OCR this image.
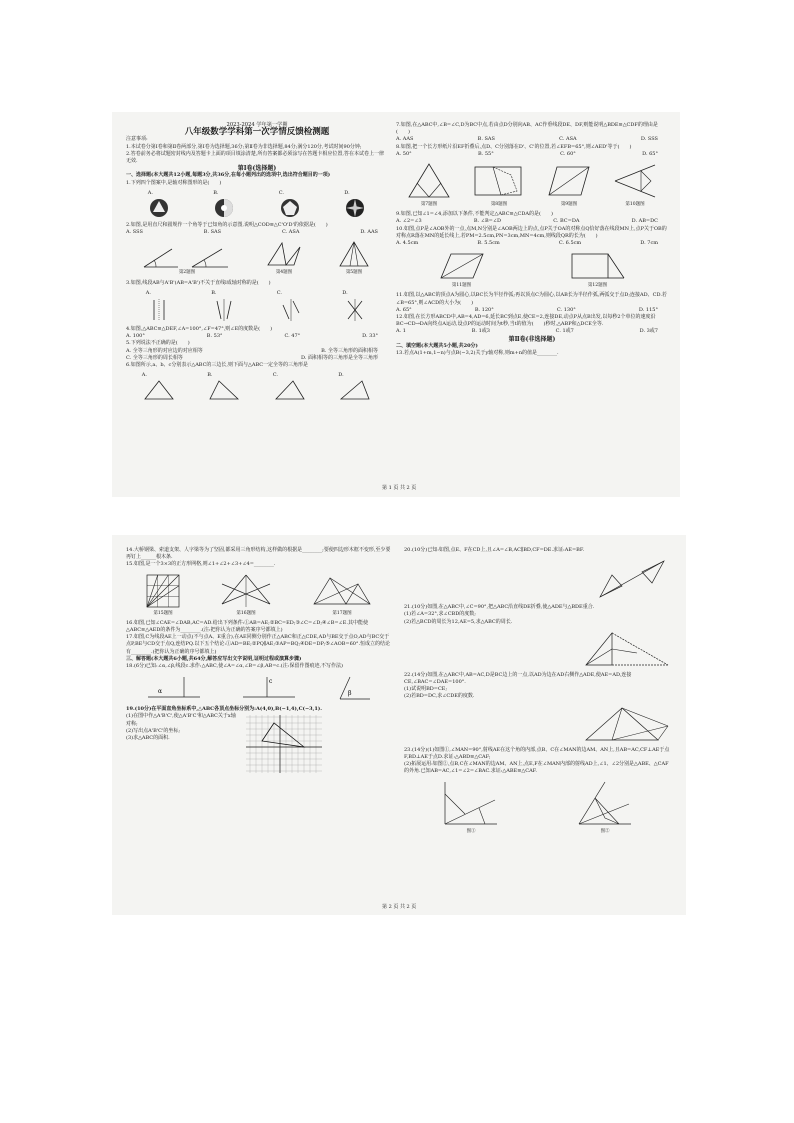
2023-2024 学年第一学期

八年级数学学科第一次学情反馈检测题

注意事项:

1.本试卷分第Ⅰ卷和第Ⅱ卷两部分,第Ⅰ卷为选择题,36分;第Ⅱ卷为非选择题,84分;满分120分,考试时间90分钟;

2.答卷前务必将试题密封线内及答题卡上面的项目填涂清楚,所有答案都必须涂写在答题卡相应位置,答在本试卷上一律无效.

第Ⅰ卷(选择题)

一、选择题(本大题共12小题,每题3分,共36分,在每小题列出的选项中,选出符合题目的一项)

1.下列四个图案中,是轴对称图形的是(　　)

A.	B.	C.	D.

2.如图,是用直尺和圆规作一个角等于已知角的示意图,说明△COD≌△C'O'D'的依据是(　　)

A. SSS	B. SAS	C. ASA	D. AAS
第2题图	第4题图	第5题图

3.如图,线段AB与A'B'(AB=A'B')不关于直线l成轴对称的是(　　)

A.	B.	C.	D.

4.如图,△ABC≌△DEF,∠A=100°,∠F=47°,则∠E的度数是(　　)

A. 100°	B. 53°	C. 47°	D. 33°

5.下列说法不正确的是(　　)

A. 全等三角形的对应边的对应相等	B. 全等三角形的面积相等
C. 全等三角形的周长相等	D. 面积相等的三角形是全等三角形

6.如图所示,a、b、c分别表示△ABC的三边长,则下面与△ABC一定全等的三角形是

A.	B.	C.	D.

7.如图,在△ABC中,∠B=∠C,D为BC中点,若由点D分别向AB、AC作垂线段DE、DF,则能说明△BDE≌△CDF的理由是(　　)

A. AAS	B. SAS	C. ASA	D. SSS

8.如图,把一个长方形纸片沿EF折叠后,点D、C分别落在D'、C'的位置,若∠EFB=65°,则∠AED'等于(　　)

A. 50°	B. 55°	C. 60°	D. 65°
第7题图	第8题图	第9题图	第10题图

9.如图,已知∠1=∠4,添加以下条件,不能判定△ABC≌△CDA的是(　　)

A. ∠2=∠3	B. ∠B=∠D	C. BC=DA	D. AB=DC

10.如图,点P是∠AOB外的一点,点M,N分别是∠AOB两边上的点,点P关于OA的对称点Q恰好落在线段MN上,点P关于OB的对称点R落在MN的延长线上,若PM=2.5cm,PN=3cm,MN=4cm,则线段QR的长为(　　)

A. 4.5cm	B. 5.5cm	C. 6.5cm	D. 7cm
第11题图	第12题图

11.如图,以△ABC的顶点A为圆心,以BC长为半径作弧;再以顶点C为圆心,以AB长为半径作弧,两弧交于点D;连接AD、CD.若∠B=65°,则∠ACD的大小为(　　)

A. 65°	B. 120°	C. 130°	D. 115°

12.如图,在长方形ABCD中,AB=4,AD=6,延长BC到点E,使CE=2,连接DE,动点P从点B出发,以每秒2个单位的速度沿BC→CD→DA向终点A运动,设点P的运动时间为t秒,当t的值为(　　)秒时,△ABP和△DCE全等.

A. 1	B. 1或3	C. 1或7	D. 3或7

第Ⅱ卷(非选择题)

二、填空题(本大题共5小题,共20分)

13.若点A(1+m,1−n)与点B(−3,2)关于y轴对称,则m+n的值是________.

第 1 页 共 2 页

14.大桥钢梁、索道支架、人字梁等为了坚固,都采用三角形结构,这样做的根据是________;要使四边形木框不变形,至少要再钉上______根木条.

15.如图,是一个3×3的正方形网格,则∠1+∠2+∠3+∠4=________.

第15题图	第16题图	第17题图

16.如图,已知∠CAE=∠DAB,AC=AD.给出下列条件:①AB=AE;②BC=ED;③∠C=∠D;④∠B=∠E.其中能使△ABC≌△AED的条件为________.(注:把你认为正确的答案序号都填上)

17.如图,C为线段AE上一动点(不与点A、E重合),在AE同侧分别作正△ABC和正△CDE,AD与BE交于点O,AD与BC交于点P,BE与CD交于点Q,连结PQ.以下五个结论:①AD=BE;②PQ∥AE;③AP=BQ;④DE=DP;⑤∠AOB=60°.恒成立的结论有________.(把你认为正确的序号都填上)

三、解答题(本大题共6小题,共64分,解答应写出文字说明,证明过程或演算步骤)

18.(6分)已知:∠α,∠β,线段c.求作:△ABC,使∠A=∠α,∠B=∠β,AB=c.(注:保留作图痕迹,不写作法)

α
c
β

19.(10分)在平面直角坐标系中,△ABC各顶点坐标分别为:A(4,0),B(−1,4),C(−3,1).

(1)在图中作△A'B'C',使△A'B'C'和△ABC关于x轴对称;

(2)写出点A'B'C'的坐标;

(3)求△ABC的面积.

20.(10分)已知:如图,点E、F在CD上,且∠A=∠B,AC∥BD,CF=DE.求证:AE=BF.

21.(10分)如图,在△ABC中,∠C=90°,把△ABC沿直线DE折叠,使△ADE与△BDE重合.

(1)若∠A=32°,求∠CBD的度数;

(2)若△BCD的周长为12,AE=5,求△ABC的周长.

22.(14分)如图,在△ABC中,AB=AC,D是BC边上的一点,以AD为边在AD右侧作△ADE,使AE=AD,连接CE,∠BAC=∠DAE=100°.

(1)试说明BD=CE;

(2)若BD=DC,求∠CDE的度数.

23.(14分)(1)如图①,∠MAN=90°,射线AE在这个角的内部,点B、C在∠MAN的边AM、AN上,且AB=AC,CF⊥AE于点F,BD⊥AE于点D.求证:△ABD≌△CAF;

(2)拓展运用:如图②,点B,C在∠MAN的边AM、AN上,点E,F在∠MAN内部的射线AD上,∠1、∠2分别是△ABE、△CAF的外角.已知AB=AC,∠1=∠2=∠BAC.求证:△ABE≌△CAF.

图①	图②
第 2 页 共 2 页
